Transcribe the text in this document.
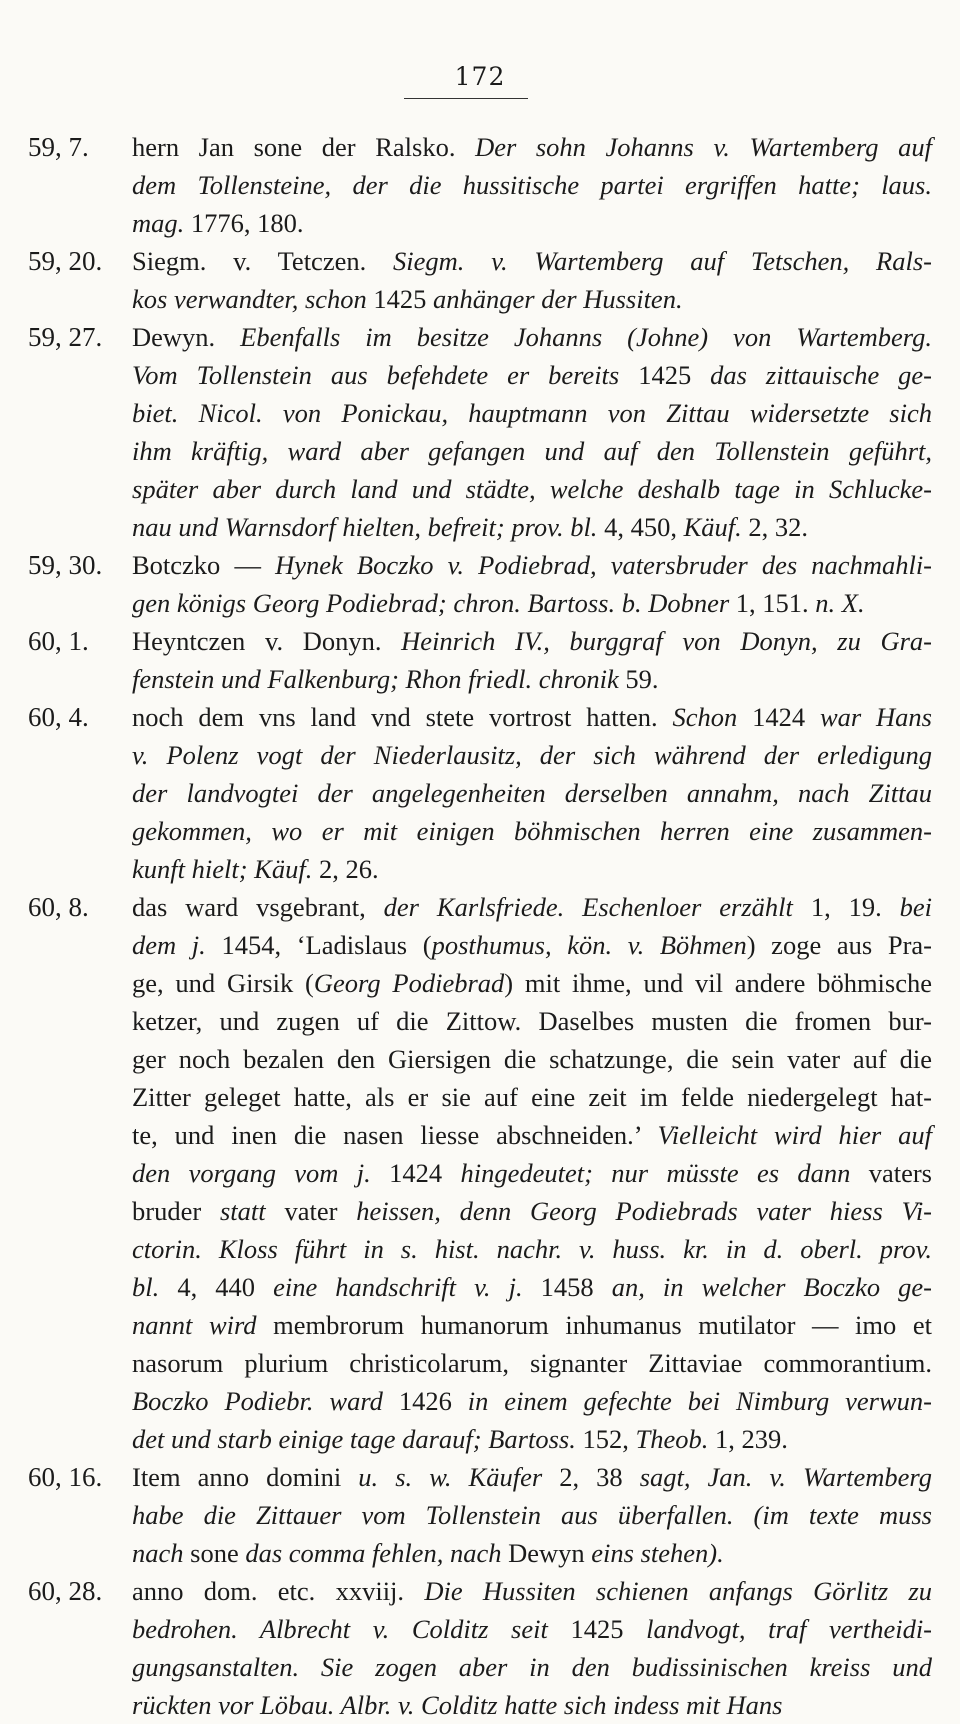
172
59, 7. hern Jan sone der Ralsko. Der sohn Johanns v. Wartemberg auf
dem Tollensteine, der die hussitische partei ergriffen hatte; laus.
mag. 1776, 180.
59, 20. Siegm. v. Tetczen. Siegm. v. Wartemberg auf Tetschen, Rals-
kos verwandter, schon 1425 anhänger der Hussiten.
59, 27. Dewyn. Ebenfalls im besitze Johanns (Johne) von Wartemberg.
Vom Tollenstein aus befehdete er bereits 1425 das zittauische ge-
biet. Nicol. von Ponickau, hauptmann von Zittau widersetzte sich
ihm kräftig, ward aber gefangen und auf den Tollenstein geführt,
später aber durch land und städte, welche deshalb tage in Schlucke-
nau und Warnsdorf hielten, befreit; prov. bl. 4, 450, Käuf. 2, 32.
59, 30. Botczko — Hynek Boczko v. Podiebrad, vatersbruder des nachmahli-
gen königs Georg Podiebrad; chron. Bartoss. b. Dobner 1, 151. n. X.
60, 1. Heyntczen v. Donyn. Heinrich IV., burggraf von Donyn, zu Gra-
fenstein und Falkenburg; Rhon friedl. chronik 59.
60, 4. noch dem vns land vnd stete vortrost hatten. Schon 1424 war Hans
v. Polenz vogt der Niederlausitz, der sich während der erledigung
der landvogtei der angelegenheiten derselben annahm, nach Zittau
gekommen, wo er mit einigen böhmischen herren eine zusammen-
kunft hielt; Käuf. 2, 26.
60, 8. das ward vsgebrant, der Karlsfriede. Eschenloer erzählt 1, 19. bei
dem j. 1454, ‘Ladislaus (posthumus, kön. v. Böhmen) zoge aus Pra-
ge, und Girsik (Georg Podiebrad) mit ihme, und vil andere böhmische
ketzer, und zugen uf die Zittow. Daselbes musten die fromen bur-
ger noch bezalen den Giersigen die schatzunge, die sein vater auf die
Zitter geleget hatte, als er sie auf eine zeit im felde niedergelegt hat-
te, und inen die nasen liesse abschneiden.’ Vielleicht wird hier auf
den vorgang vom j. 1424 hingedeutet; nur müsste es dann vaters
bruder statt vater heissen, denn Georg Podiebrads vater hiess Vi-
ctorin. Kloss führt in s. hist. nachr. v. huss. kr. in d. oberl. prov.
bl. 4, 440 eine handschrift v. j. 1458 an, in welcher Boczko ge-
nannt wird membrorum humanorum inhumanus mutilator — imo et
nasorum plurium christicolarum, signanter Zittaviae commorantium.
Boczko Podiebr. ward 1426 in einem gefechte bei Nimburg verwun-
det und starb einige tage darauf; Bartoss. 152, Theob. 1, 239.
60, 16. Item anno domini u. s. w. Käufer 2, 38 sagt, Jan. v. Wartemberg
habe die Zittauer vom Tollenstein aus überfallen. (im texte muss
nach sone das comma fehlen, nach Dewyn eins stehen).
60, 28. anno dom. etc. xxviij. Die Hussiten schienen anfangs Görlitz zu
bedrohen. Albrecht v. Colditz seit 1425 landvogt, traf vertheidi-
gungsanstalten. Sie zogen aber in den budissinischen kreiss und
rückten vor Löbau. Albr. v. Colditz hatte sich indess mit Hans
